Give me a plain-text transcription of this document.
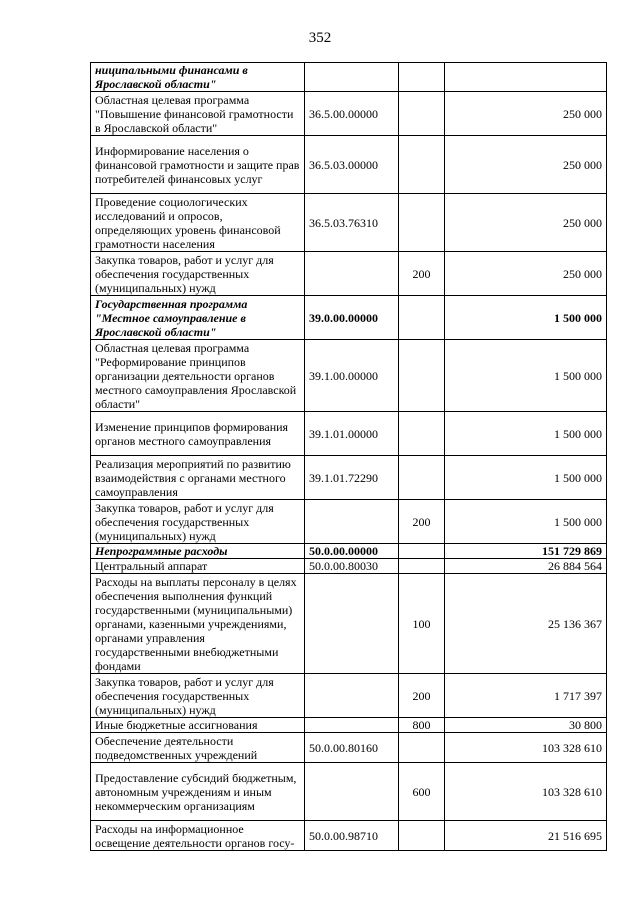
352
ниципальными финансами в Ярославской области"			
Областная целевая программа "Повышение финансовой грамотности в Ярославской области"	36.5.00.00000		250 000
Информирование населения о финансовой грамотности и защите прав потребителей финансовых услуг	36.5.03.00000		250 000
Проведение социологических исследований и опросов, определяющих уровень финансовой грамотности населения	36.5.03.76310		250 000
Закупка товаров, работ и услуг для обеспечения государственных (муниципальных) нужд		200	250 000
Государственная программа "Местное самоуправление в Ярославской области"	39.0.00.00000		1 500 000
Областная целевая программа "Реформирование принципов организации деятельности органов местного самоуправления Ярославской области"	39.1.00.00000		1 500 000
Изменение принципов формирования органов местного самоуправления	39.1.01.00000		1 500 000
Реализация мероприятий по развитию взаимодействия с органами местного самоуправления	39.1.01.72290		1 500 000
Закупка товаров, работ и услуг для обеспечения государственных (муниципальных) нужд		200	1 500 000
Непрограммные расходы	50.0.00.00000		151 729 869
Центральный аппарат	50.0.00.80030		26 884 564
Расходы на выплаты персоналу в целях обеспечения выполнения функций государственными (муниципальными) органами, казенными учреждениями, органами управления государственными внебюджетными фондами		100	25 136 367
Закупка товаров, работ и услуг для обеспечения государственных (муниципальных) нужд		200	1 717 397
Иные бюджетные ассигнования		800	30 800
Обеспечение деятельности подведомственных учреждений	50.0.00.80160		103 328 610
Предоставление субсидий бюджетным, автономным учреждениям и иным некоммерческим организациям		600	103 328 610
Расходы на информационное освещение деятельности органов госу-	50.0.00.98710		21 516 695
